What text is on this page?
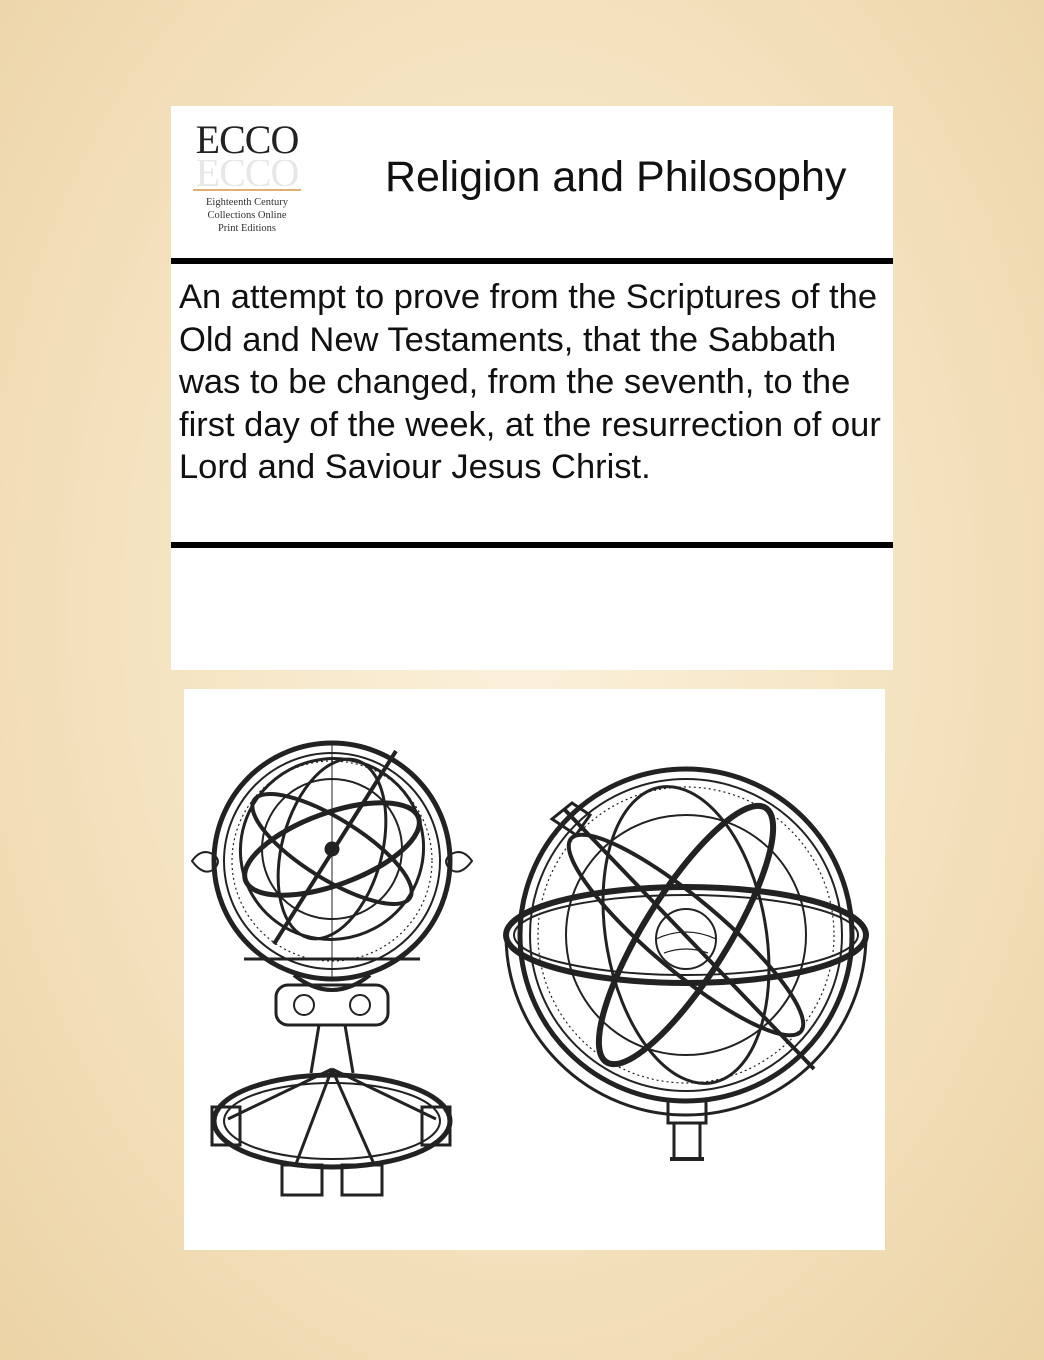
ECCO
ECCO
Eighteenth Century
Collections Online
Print Editions
Religion and Philosophy
An attempt to prove from the Scriptures of the Old and New Testaments, that the Sabbath was to be changed, from the seventh, to the first day of the week, at the resurrection of our Lord and Saviour Jesus Christ.
